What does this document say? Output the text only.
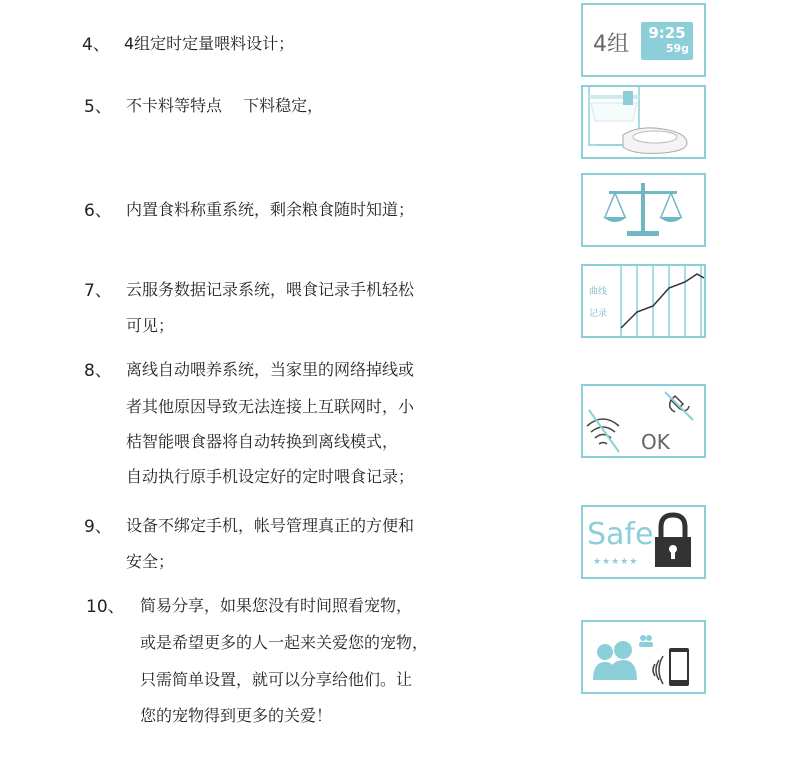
4、 4组定时定量喂料设计；
5、 不卡料等特点　 下料稳定，
6、 内置食料称重系统，剩余粮食随时知道；
7、 云服务数据记录系统，喂食记录手机轻松
可见；
8、 离线自动喂养系统，当家里的网络掉线或
者其他原因导致无法连接上互联网时，小
桔智能喂食器将自动转换到离线模式，
自动执行原手机设定好的定时喂食记录；
9、 设备不绑定手机，帐号管理真正的方便和
安全；
10、 简易分享，如果您没有时间照看宠物，
或是希望更多的人一起来关爱您的宠物，
只需简单设置，就可以分享给他们。让
您的宠物得到更多的关爱！
4组	9:25
59g
曲线
记录
OK
Safe
★★★★★
